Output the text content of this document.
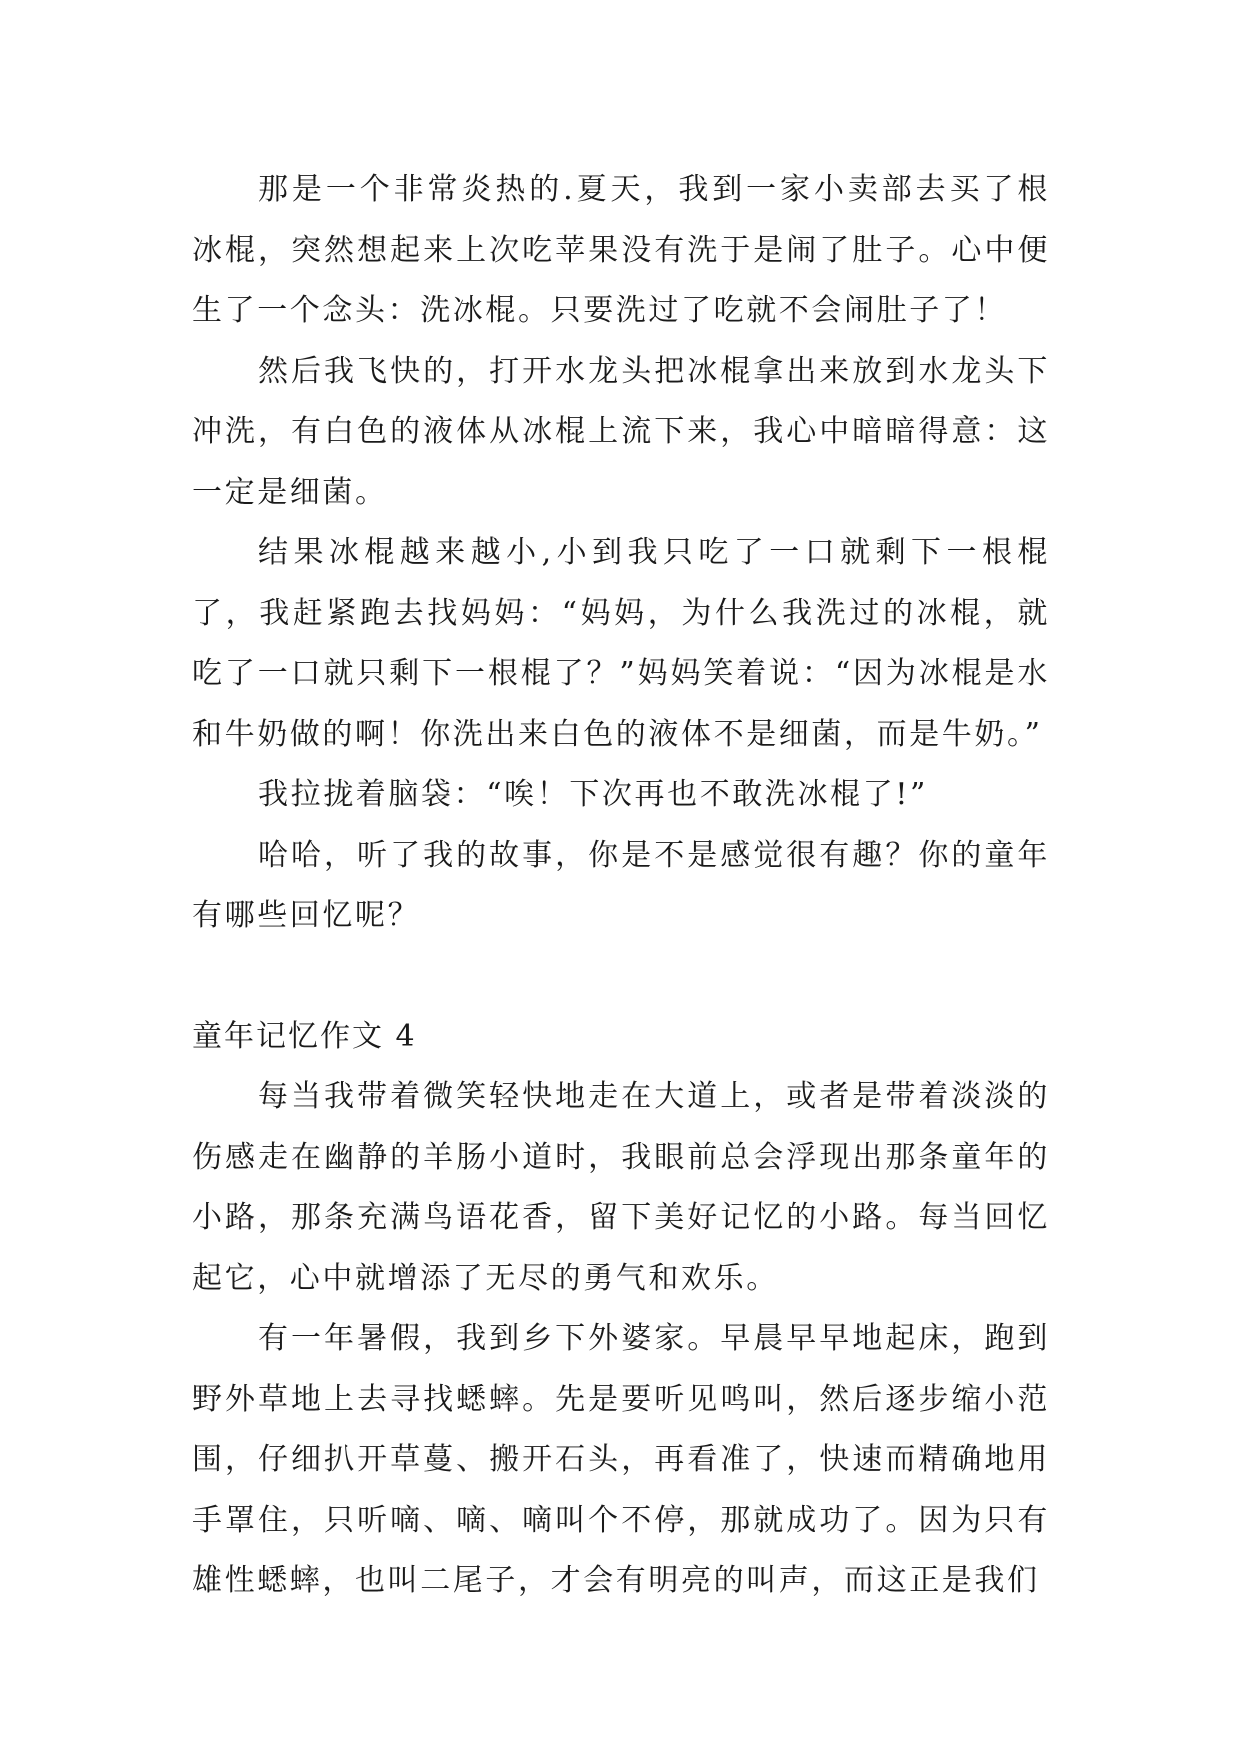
那是一个非常炎热的.夏天，我到一家小卖部去买了根冰棍，突然想起来上次吃苹果没有洗于是闹了肚子。心中便生了一个念头：洗冰棍。只要洗过了吃就不会闹肚子了！

然后我飞快的，打开水龙头把冰棍拿出来放到水龙头下冲洗，有白色的液体从冰棍上流下来，我心中暗暗得意：这一定是细菌。

结果冰棍越来越小,小到我只吃了一口就剩下一根棍了，我赶紧跑去找妈妈：“妈妈，为什么我洗过的冰棍，就吃了一口就只剩下一根棍了？”妈妈笑着说：“因为冰棍是水和牛奶做的啊！你洗出来白色的液体不是细菌，而是牛奶。”

我拉拢着脑袋：“唉！下次再也不敢洗冰棍了!”

哈哈，听了我的故事，你是不是感觉很有趣？你的童年有哪些回忆呢？

童年记忆作文 4

每当我带着微笑轻快地走在大道上，或者是带着淡淡的伤感走在幽静的羊肠小道时，我眼前总会浮现出那条童年的小路，那条充满鸟语花香，留下美好记忆的小路。每当回忆起它，心中就增添了无尽的勇气和欢乐。

有一年暑假，我到乡下外婆家。早晨早早地起床，跑到野外草地上去寻找蟋蟀。先是要听见鸣叫，然后逐步缩小范围，仔细扒开草蔓、搬开石头，再看准了，快速而精确地用手罩住，只听嘀、嘀、嘀叫个不停，那就成功了。因为只有雄性蟋蟀，也叫二尾子，才会有明亮的叫声，而这正是我们
